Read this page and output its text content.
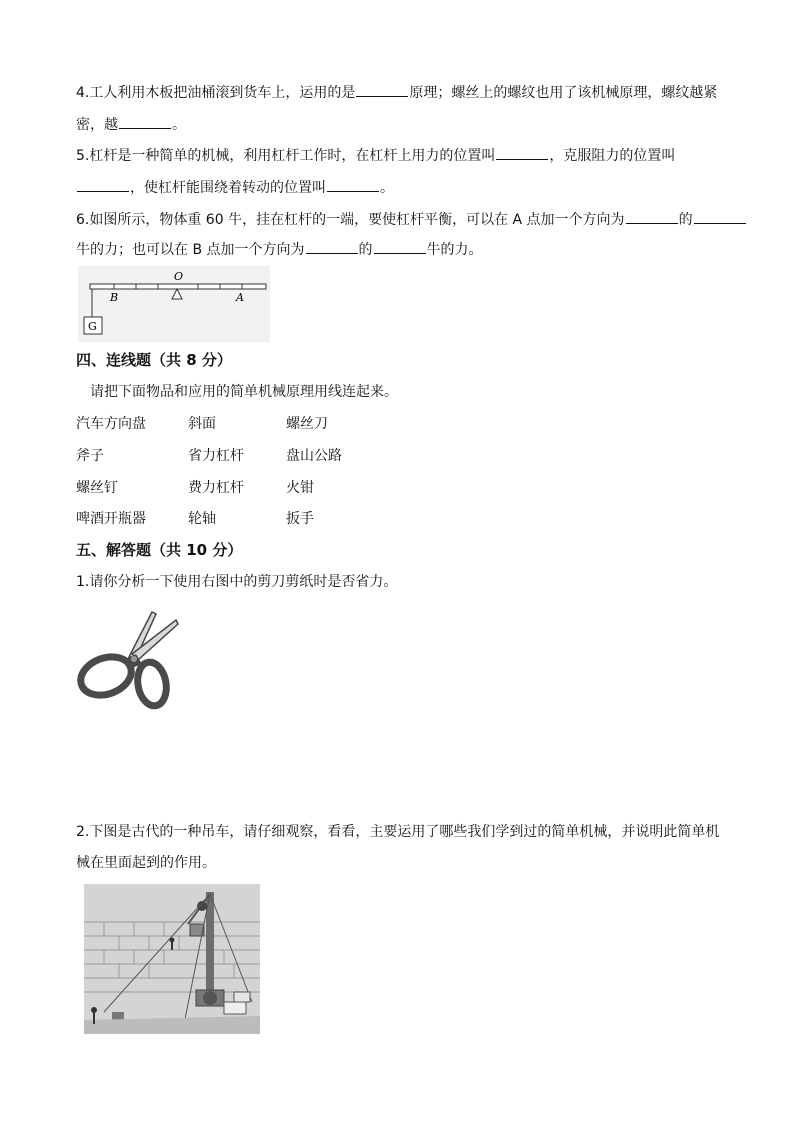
4.工人利用木板把油桶滚到货车上，运用的是	原理；螺丝上的螺纹也用了该机械原理，螺纹越紧
密，越	。
5.杠杆是一种简单的机械，利用杠杆工作时，在杠杆上用力的位置叫	，克服阻力的位置叫
，使杠杆能围绕着转动的位置叫	。
6.如图所示，物体重 60 牛，挂在杠杆的一端，要使杠杆平衡，可以在 A 点加一个方向为	的
牛的力；也可以在 B 点加一个方向为	的	牛的力。
O
B	A
G
四、连线题（共 8 分）
请把下面物品和应用的简单机械原理用线连起来。
汽车方向盘	斜面	螺丝刀
斧子	省力杠杆	盘山公路
螺丝钉	费力杠杆	火钳
啤酒开瓶器	轮轴	扳手
五、解答题（共 10 分）
1.请你分析一下使用右图中的剪刀剪纸时是否省力。
2.下图是古代的一种吊车，请仔细观察，看看，主要运用了哪些我们学到过的简单机械，并说明此简单机
械在里面起到的作用。
